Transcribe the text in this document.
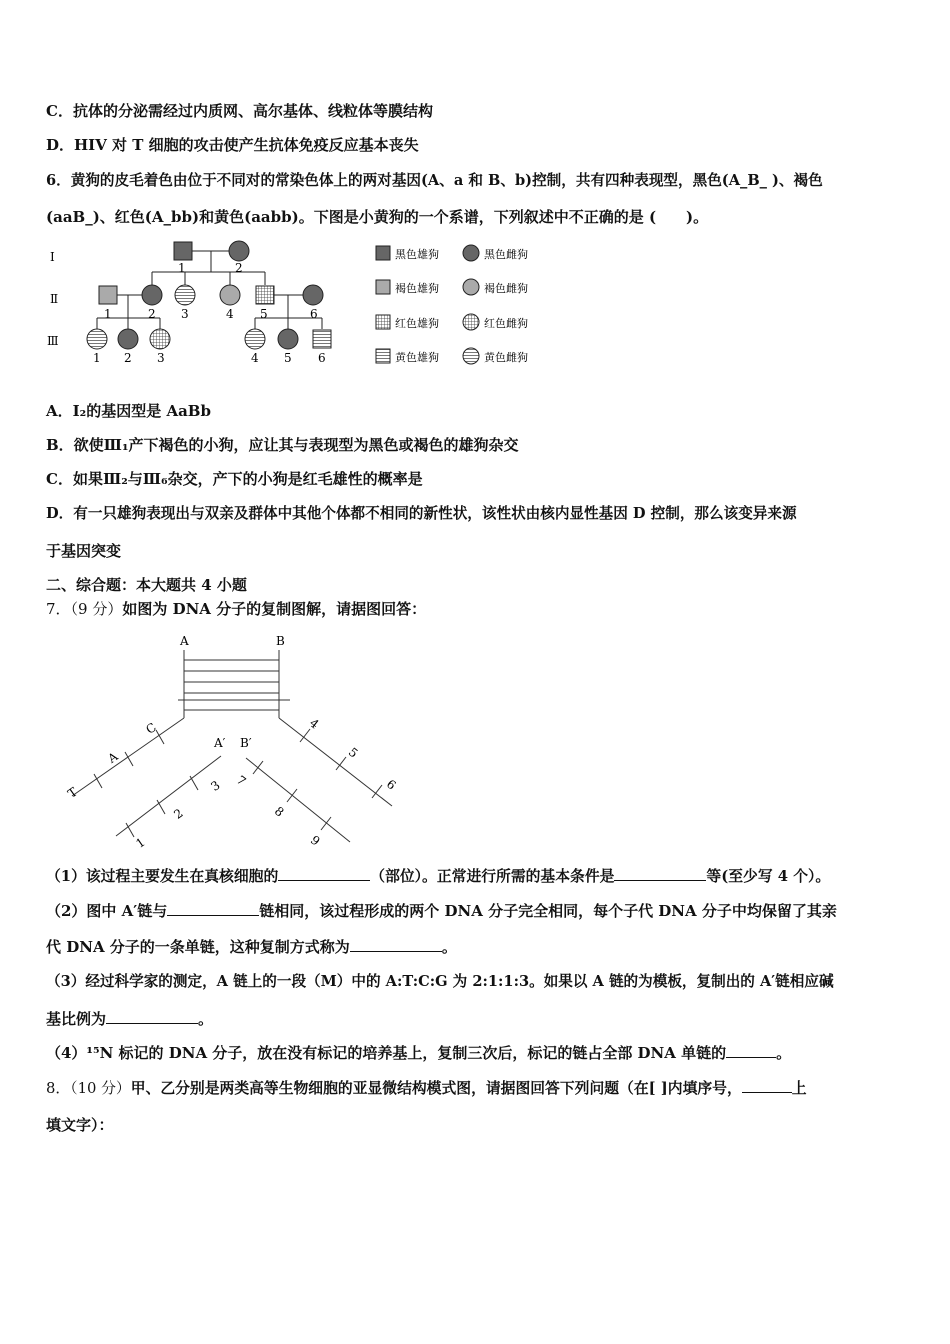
C．抗体的分泌需经过内质网、高尔基体、线粒体等膜结构
D．HIV 对 T 细胞的攻击使产生抗体免疫反应基本丧失
6．黄狗的皮毛着色由位于不同对的常染色体上的两对基因(A、a 和 B、b)控制，共有四种表现型，黑色(A_B_ )、褐色
(aaB_)、红色(A_bb)和黄色(aabb)。下图是小黄狗的一个系谱，下列叙述中不正确的是 (　　)。
Ⅰ
Ⅱ
Ⅲ
1	2
1	2 3	4 5	6
1 2 3	4 5 6
黑色雄狗	黑色雌狗
褐色雄狗	褐色雌狗
红色雄狗	红色雌狗
黄色雄狗	黄色雌狗
A	B
A′ B′
T
A
C
1
2
3
4
5
6
7
8
9
A．Ⅰ₂的基因型是 AaBb
B．欲使Ⅲ₁产下褐色的小狗，应让其与表现型为黑色或褐色的雄狗杂交
C．如果Ⅲ₂与Ⅲ₆杂交，产下的小狗是红毛雄性的概率是
D．有一只雄狗表现出与双亲及群体中其他个体都不相同的新性状，该性状由核内显性基因 D 控制，那么该变异来源
于基因突变
二、综合题：本大题共 4 小题
7．（9 分）如图为 DNA 分子的复制图解，请据图回答：
（1）该过程主要发生在真核细胞的	（部位）。正常进行所需的基本条件是	等(至少写 4 个）。
（2）图中 A′链与	链相同，该过程形成的两个 DNA 分子完全相同，每个子代 DNA 分子中均保留了其亲
代 DNA 分子的一条单链，这种复制方式称为	。
（3）经过科学家的测定，A 链上的一段（M）中的 A:T:C:G 为 2:1:1:3。如果以 A 链的为模板，复制出的 A′链相应碱
基比例为	。
（4）¹⁵N 标记的 DNA 分子，放在没有标记的培养基上，复制三次后，标记的链占全部 DNA 单链的	。
8．（10 分）甲、乙分别是两类高等生物细胞的亚显微结构模式图，请据图回答下列问题（在[ ]内填序号，	上
填文字）：
